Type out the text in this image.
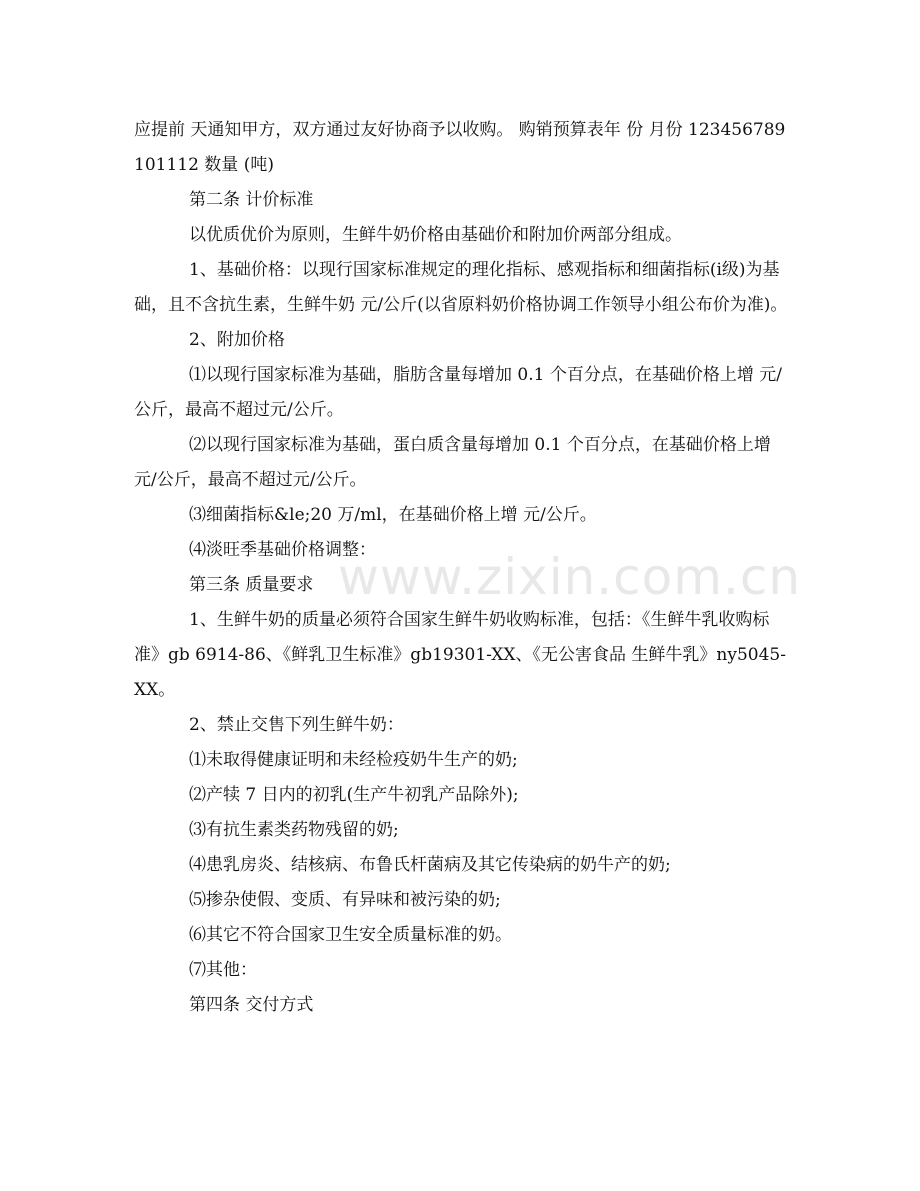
应提前 天通知甲方，双方通过友好协商予以收购。 购销预算表年 份 月份 123456789101112 数量 (吨)

第二条 计价标准

以优质优价为原则，生鲜牛奶价格由基础价和附加价两部分组成。

1、基础价格：以现行国家标准规定的理化指标、感观指标和细菌指标(ⅰ级)为基础，且不含抗生素，生鲜牛奶 元/公斤(以省原料奶价格协调工作领导小组公布价为准)。

2、附加价格

⑴以现行国家标准为基础，脂肪含量每增加 0.1 个百分点，在基础价格上增 元/公斤，最高不超过元/公斤。

⑵以现行国家标准为基础，蛋白质含量每增加 0.1 个百分点，在基础价格上增 元/公斤，最高不超过元/公斤。

⑶细菌指标&le;20 万/ml，在基础价格上增 元/公斤。

⑷淡旺季基础价格调整：

第三条 质量要求

1、生鲜牛奶的质量必须符合国家生鲜牛奶收购标准，包括：《生鲜牛乳收购标准》gb 6914-86、《鲜乳卫生标准》gb19301-XX、《无公害食品 生鲜牛乳》ny5045-XX。

2、禁止交售下列生鲜牛奶：

⑴未取得健康证明和未经检疫奶牛生产的奶;

⑵产犊 7 日内的初乳(生产牛初乳产品除外);

⑶有抗生素类药物残留的奶;

⑷患乳房炎、结核病、布鲁氏杆菌病及其它传染病的奶牛产的奶;

⑸掺杂使假、变质、有异味和被污染的奶;

⑹其它不符合国家卫生安全质量标准的奶。

⑺其他：

第四条 交付方式

www.zixin.com.cn
